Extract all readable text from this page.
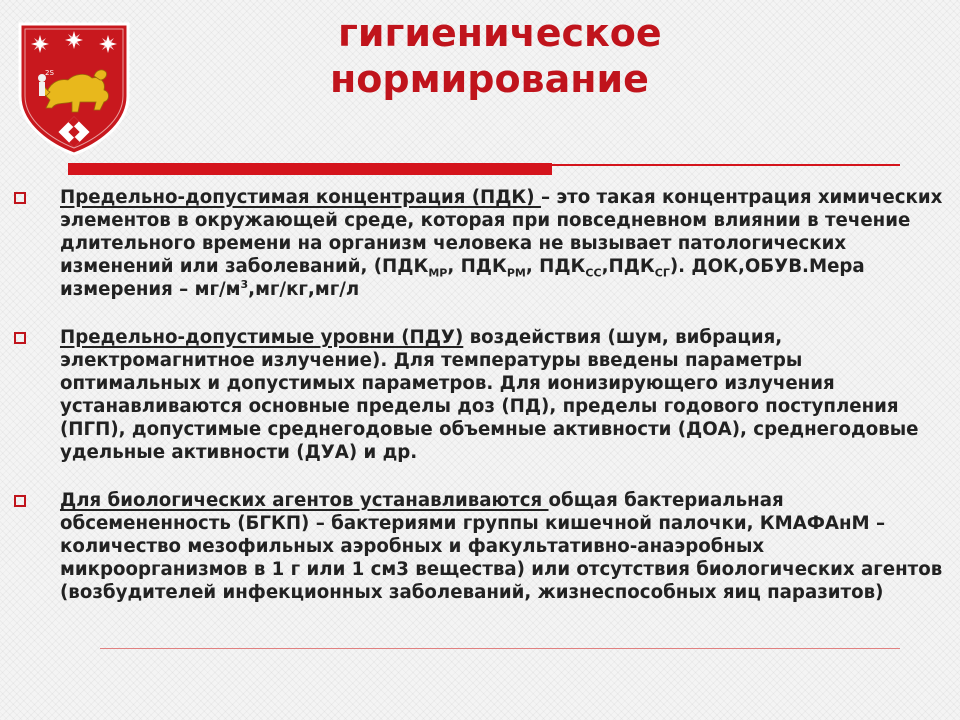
2S
гигиеническое
нормирование
Предельно-допустимая концентрация (ПДК) – это такая концентрация химических элементов в окружающей среде, которая при повседневном влиянии в течение длительного времени на организм человека не вызывает патологических изменений или заболеваний, ($ПДК_{МР}$, $ПДК_{РМ}$, $ПДК_{СС},ПДК_{СГ}$). ДОК,ОБУВ.Мера измерения – $мг/м^3,мг/кг,мг/л$
Предельно-допустимые уровни (ПДУ) воздействия (шум, вибрация, электромагнитное излучение). Для температуры введены параметры оптимальных и допустимых параметров. Для ионизирующего излучения устанавливаются основные пределы доз (ПД), пределы годового поступления (ПГП), допустимые среднегодовые объемные активности (ДОА), среднегодовые удельные активности (ДУА) и др.
Для биологических агентов устанавливаются общая бактериальная обсемененность (БГКП) – бактериями группы кишечной палочки, КМАФАнМ – количество мезофильных аэробных и факультативно-анаэробных микроорганизмов в 1 г или 1 см3 вещества) или отсутствия биологических агентов (возбудителей инфекционных заболеваний, жизнеспособных яиц паразитов)
